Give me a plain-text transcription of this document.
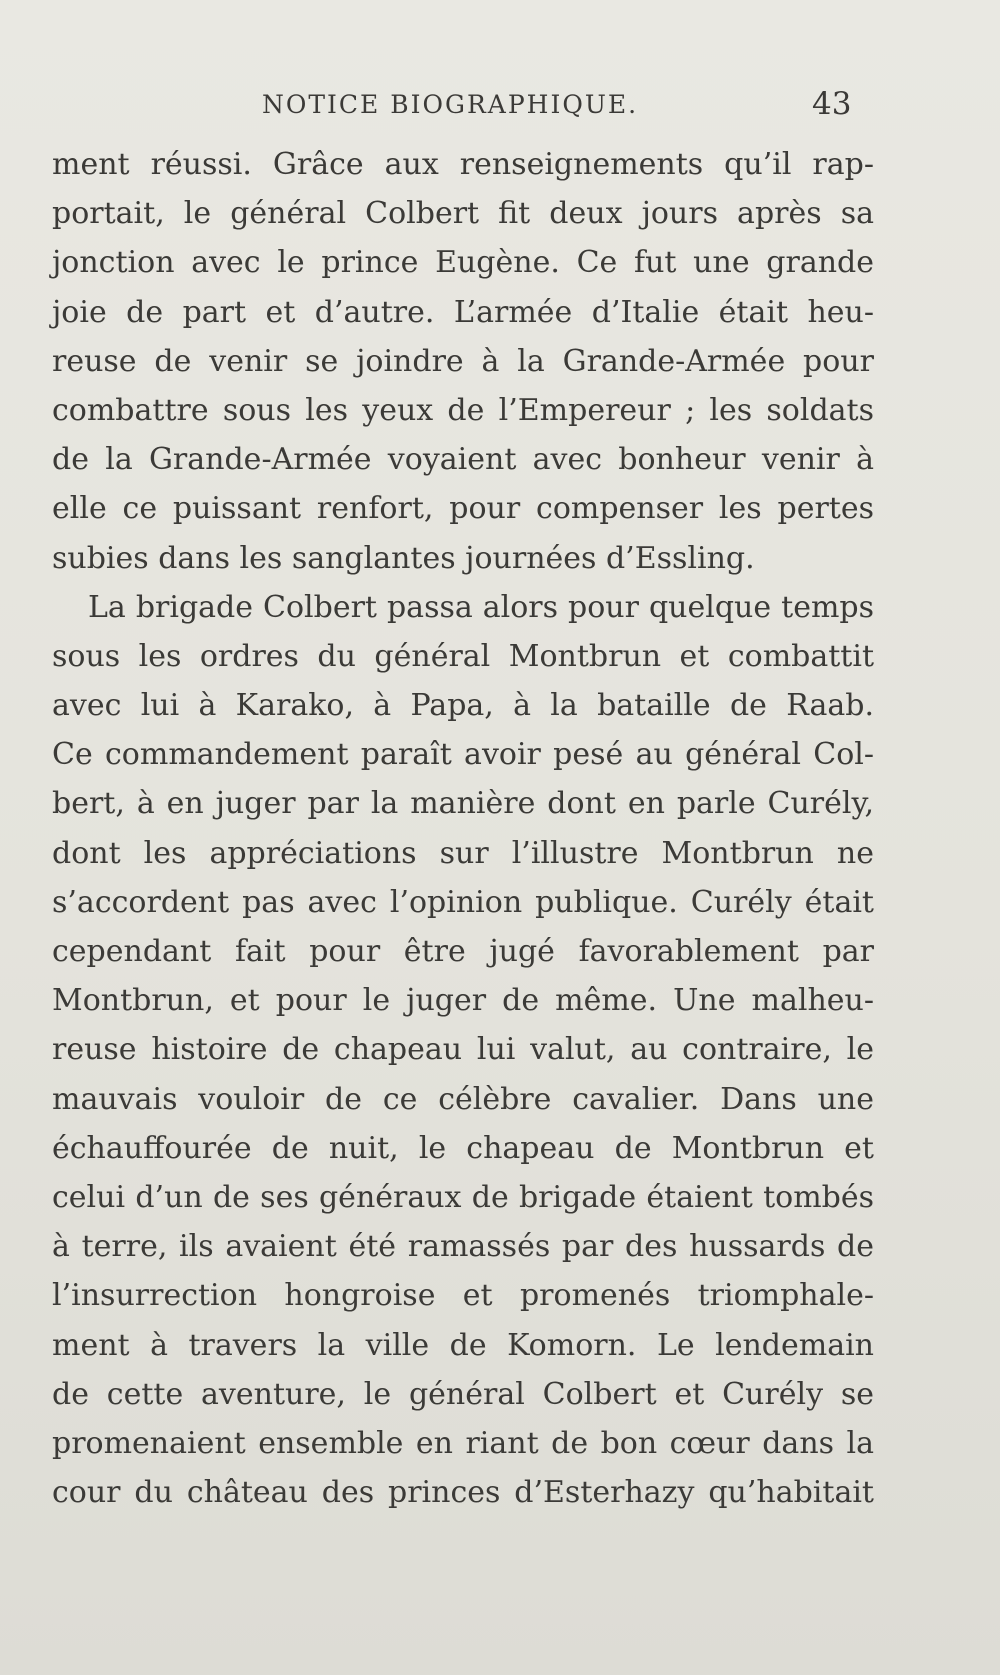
NOTICE BIOGRAPHIQUE.	43
ment réussi. Grâce aux renseignements qu’il rap-
portait, le général Colbert fit deux jours après sa
jonction avec le prince Eugène. Ce fut une grande
joie de part et d’autre. L’armée d’Italie était heu-
reuse de venir se joindre à la Grande-Armée pour
combattre sous les yeux de l’Empereur ; les soldats
de la Grande-Armée voyaient avec bonheur venir à
elle ce puissant renfort, pour compenser les pertes
subies dans les sanglantes journées d’Essling.
La brigade Colbert passa alors pour quelque temps
sous les ordres du général Montbrun et combattit
avec lui à Karako, à Papa, à la bataille de Raab.
Ce commandement paraît avoir pesé au général Col-
bert, à en juger par la manière dont en parle Curély,
dont les appréciations sur l’illustre Montbrun ne
s’accordent pas avec l’opinion publique. Curély était
cependant fait pour être jugé favorablement par
Montbrun, et pour le juger de même. Une malheu-
reuse histoire de chapeau lui valut, au contraire, le
mauvais vouloir de ce célèbre cavalier. Dans une
échauffourée de nuit, le chapeau de Montbrun et
celui d’un de ses généraux de brigade étaient tombés
à terre, ils avaient été ramassés par des hussards de
l’insurrection hongroise et promenés triomphale-
ment à travers la ville de Komorn. Le lendemain
de cette aventure, le général Colbert et Curély se
promenaient ensemble en riant de bon cœur dans la
cour du château des princes d’Esterhazy qu’habitait
